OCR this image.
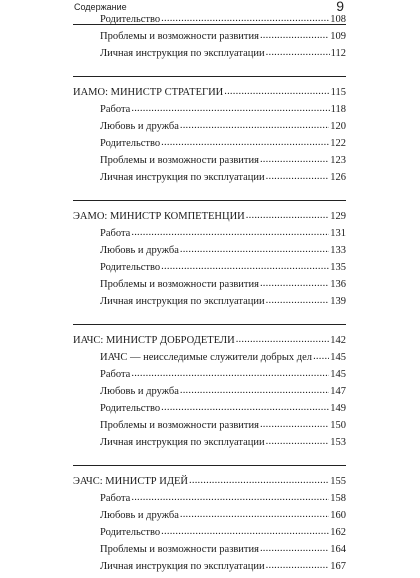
Содержание	9
Родительство . . .	108
Проблемы и возможности развития . . .	109
Личная инструкция по эксплуатации . . .	112
ИАМО: МИНИСТР СТРАТЕГИИ . . .	115
Работа . . .	118
Любовь и дружба . . .	120
Родительство . . .	122
Проблемы и возможности развития . . .	123
Личная инструкция по эксплуатации . . .	126
ЭАМО: МИНИСТР КОМПЕТЕНЦИИ . . .	129
Работа . . .	131
Любовь и дружба . . .	133
Родительство . . .	135
Проблемы и возможности развития . . .	136
Личная инструкция по эксплуатации . . .	139
ИАЧС: МИНИСТР ДОБРОДЕТЕЛИ . . .	142
ИАЧС — неисследимые служители добрых дел . . . 145
Работа . . .	145
Любовь и дружба . . .	147
Родительство . . .	149
Проблемы и возможности развития . . .	150
Личная инструкция по эксплуатации . . .	153
ЭАЧС: МИНИСТР ИДЕЙ . . .	155
Работа . . .	158
Любовь и дружба . . .	160
Родительство . . .	162
Проблемы и возможности развития . . .	164
Личная инструкция по эксплуатации . . .	167
